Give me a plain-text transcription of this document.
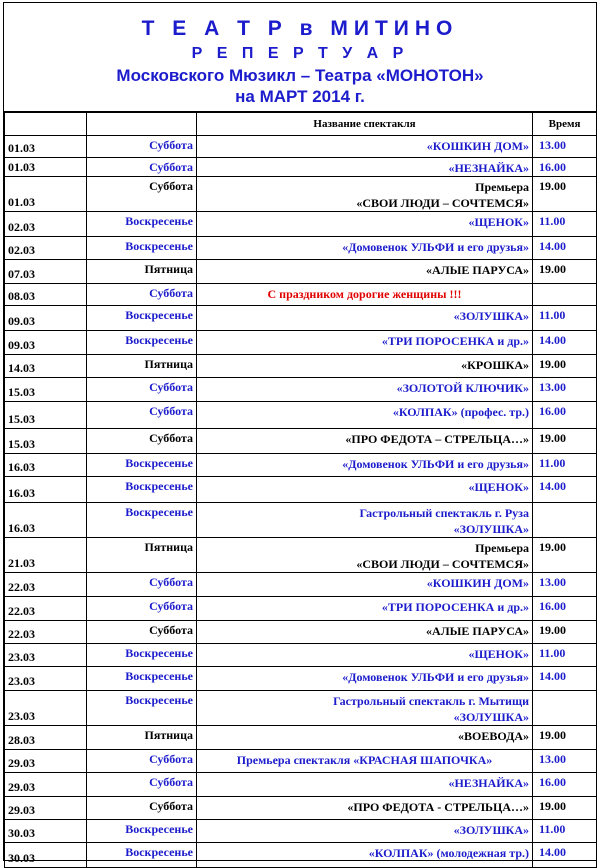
Т Е А Т Р в МИТИНО
Р Е П Е Р Т У А Р
Московского Мюзикл – Театра «МОНОТОН»
на МАРТ 2014 г.
		Название спектакля	Время
01.03	Суббота	«КОШКИН ДОМ»	13.00
01.03	Суббота	«НЕЗНАЙКА»	16.00
01.03	Суббота	Премьера
«СВОИ ЛЮДИ – СОЧТЕМСЯ»	19.00
02.03	Воскресенье	«ЩЕНОК»	11.00
02.03	Воскресенье	«Домовенок УЛЬФИ и его друзья»	14.00
07.03	Пятница	«АЛЫЕ ПАРУСА»	19.00
08.03	Суббота	С праздником дорогие женщины !!!	

09.03	Воскресенье	«ЗОЛУШКА»	11.00
09.03	Воскресенье	«ТРИ ПОРОСЕНКА и др.»	14.00
14.03	Пятница	«КРОШКА»	19.00
15.03	Суббота	«ЗОЛОТОЙ КЛЮЧИК»	13.00
15.03	Суббота	«КОЛПАК» (профес. тр.)	16.00
15.03	Суббота	«ПРО ФЕДОТА – СТРЕЛЬЦА…»	19.00
16.03	Воскресенье	«Домовенок УЛЬФИ и его друзья»	11.00
16.03	Воскресенье	«ЩЕНОК»	14.00
16.03	Воскресенье	Гастрольный спектакль г. Руза
«ЗОЛУШКА»	

21.03	Пятница	Премьера
«СВОИ ЛЮДИ – СОЧТЕМСЯ»	19.00
22.03	Суббота	«КОШКИН ДОМ»	13.00
22.03	Суббота	«ТРИ ПОРОСЕНКА и др.»	16.00
22.03	Суббота	«АЛЫЕ ПАРУСА»	19.00
23.03	Воскресенье	«ЩЕНОК»	11.00
23.03	Воскресенье	«Домовенок УЛЬФИ и его друзья»	14.00
23.03	Воскресенье	Гастрольный спектакль г. Мытищи
«ЗОЛУШКА»	

28.03	Пятница	«ВОЕВОДА»	19.00
29.03	Суббота	Премьера спектакля «КРАСНАЯ ШАПОЧКА»	13.00
29.03	Суббота	«НЕЗНАЙКА»	16.00
29.03	Суббота	«ПРО ФЕДОТА - СТРЕЛЬЦА…»	19.00
30.03	Воскресенье	«ЗОЛУШКА»	11.00
30.03	Воскресенье	«КОЛПАК» (молодежная тр.)	14.00
